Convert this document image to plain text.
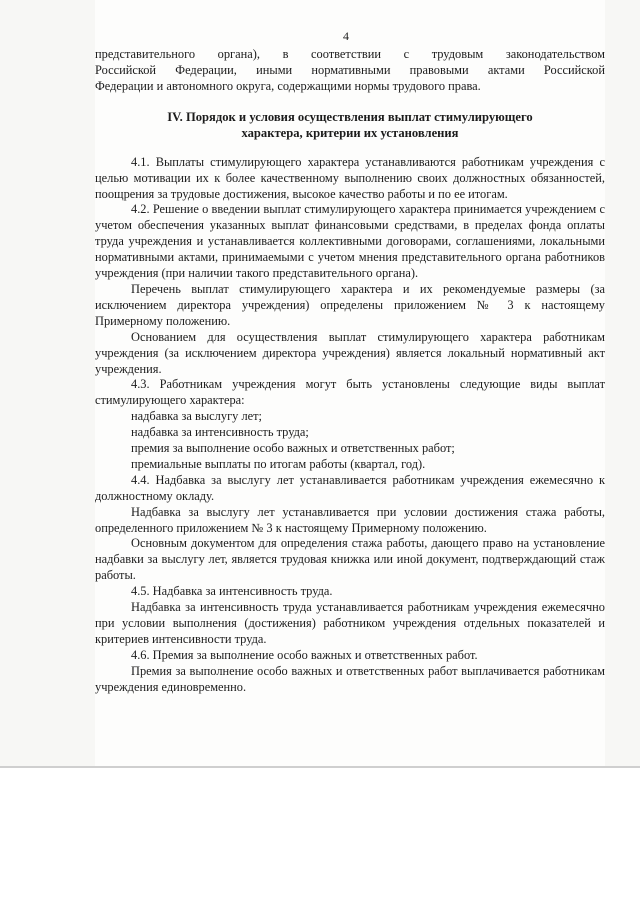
4

представительного органа), в соответствии с трудовым законодательством

Российской Федерации, иными нормативными правовыми актами Российской

Федерации и автономного округа, содержащими нормы трудового права.

IV. Порядок и условия осуществления выплат стимулирующего
характера, критерии их установления

4.1. Выплаты стимулирующего характера устанавливаются работникам учреждения с целью мотивации их к более качественному выполнению своих должностных обязанностей, поощрения за трудовые достижения, высокое качество работы и по ее итогам.

4.2. Решение о введении выплат стимулирующего характера принимается учреждением с учетом обеспечения указанных выплат финансовыми средствами, в пределах фонда оплаты труда учреждения и устанавливается коллективными договорами, соглашениями, локальными нормативными актами, принимаемыми с учетом мнения представительного органа работников учреждения (при наличии такого представительного органа).

Перечень выплат стимулирующего характера и их рекомендуемые размеры (за исключением директора учреждения) определены приложением № 3 к настоящему Примерному положению.

Основанием для осуществления выплат стимулирующего характера работникам учреждения (за исключением директора учреждения) является локальный нормативный акт учреждения.

4.3. Работникам учреждения могут быть установлены следующие виды выплат стимулирующего характера:

надбавка за выслугу лет;

надбавка за интенсивность труда;

премия за выполнение особо важных и ответственных работ;

премиальные выплаты по итогам работы (квартал, год).

4.4. Надбавка за выслугу лет устанавливается работникам учреждения ежемесячно к должностному окладу.

Надбавка за выслугу лет устанавливается при условии достижения стажа работы, определенного приложением № 3 к настоящему Примерному положению.

Основным документом для определения стажа работы, дающего право на установление надбавки за выслугу лет, является трудовая книжка или иной документ, подтверждающий стаж работы.

4.5. Надбавка за интенсивность труда.

Надбавка за интенсивность труда устанавливается работникам учреждения ежемесячно при условии выполнения (достижения) работником учреждения отдельных показателей и критериев интенсивности труда.

4.6. Премия за выполнение особо важных и ответственных работ.

Премия за выполнение особо важных и ответственных работ выплачивается работникам учреждения единовременно.
